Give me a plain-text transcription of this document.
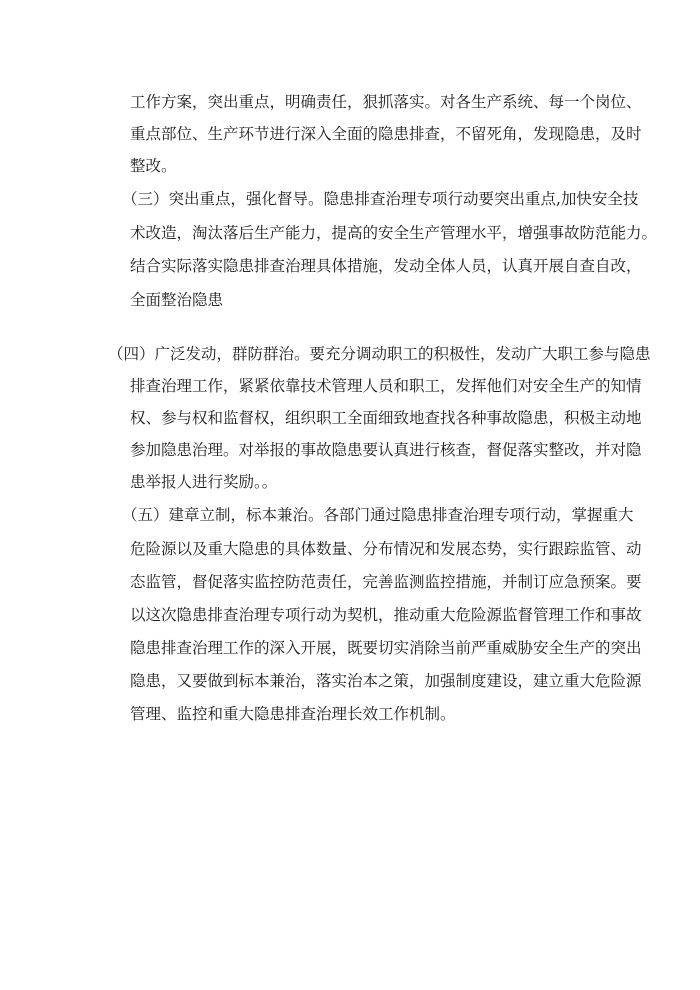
工作方案，突出重点，明确责任，狠抓落实。对各生产系统、每一个岗位、
重点部位、生产环节进行深入全面的隐患排查，不留死角，发现隐患，及时
整改。
（三）突出重点，强化督导。隐患排查治理专项行动要突出重点,加快安全技
术改造，淘汰落后生产能力，提高的安全生产管理水平，增强事故防范能力。
结合实际落实隐患排查治理具体措施，发动全体人员，认真开展自查自改，
全面整治隐患
（四）广泛发动，群防群治。要充分调动职工的积极性，发动广大职工参与隐患
排查治理工作，紧紧依靠技术管理人员和职工，发挥他们对安全生产的知情
权、参与权和监督权，组织职工全面细致地查找各种事故隐患，积极主动地
参加隐患治理。对举报的事故隐患要认真进行核查，督促落实整改，并对隐
患举报人进行奖励。。
（五）建章立制，标本兼治。各部门通过隐患排查治理专项行动，掌握重大
危险源以及重大隐患的具体数量、分布情况和发展态势，实行跟踪监管、动
态监管，督促落实监控防范责任，完善监测监控措施，并制订应急预案。要
以这次隐患排查治理专项行动为契机，推动重大危险源监督管理工作和事故
隐患排查治理工作的深入开展，既要切实消除当前严重威胁安全生产的突出
隐患，又要做到标本兼治，落实治本之策，加强制度建设，建立重大危险源
管理、监控和重大隐患排查治理长效工作机制。
